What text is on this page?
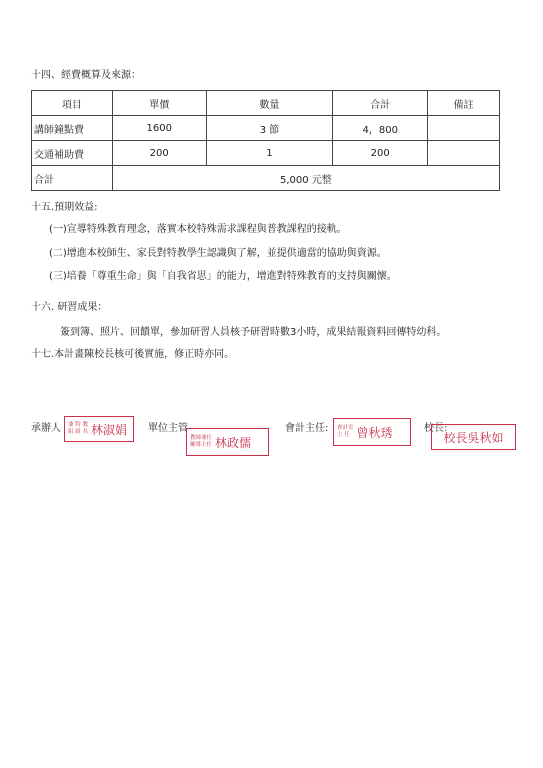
十四、經費概算及來源：
項目	單價	數量	合計	備註
講師鐘點費	1600	3 節	4，800	
交通補助費	200	1	200	
合計	5,000 元整			
十五.預期效益:
(一)宣導特殊教育理念，落實本校特殊需求課程與普教課程的接軌。
(二)增進本校師生、家長對特教學生認識與了解，並提供適當的協助與資源。
(三)培養「尊重生命」與「自我省思」的能力，增進對特殊教育的支持與關懷。
十六. 研習成果：
簽到簿、照片、回饋單，參加研習人員核予研習時數3小時，成果結報資料回傳特幼科。
十七.本計畫陳校長核可後實施，修正時亦同。
承辦人 兼 特 教
組 組 長 林淑娟 單位主管
教師兼任
輔導主任 林政儒
會計主任: 會計室
主 任 曾秋琇	校長:
校長吳秋如
